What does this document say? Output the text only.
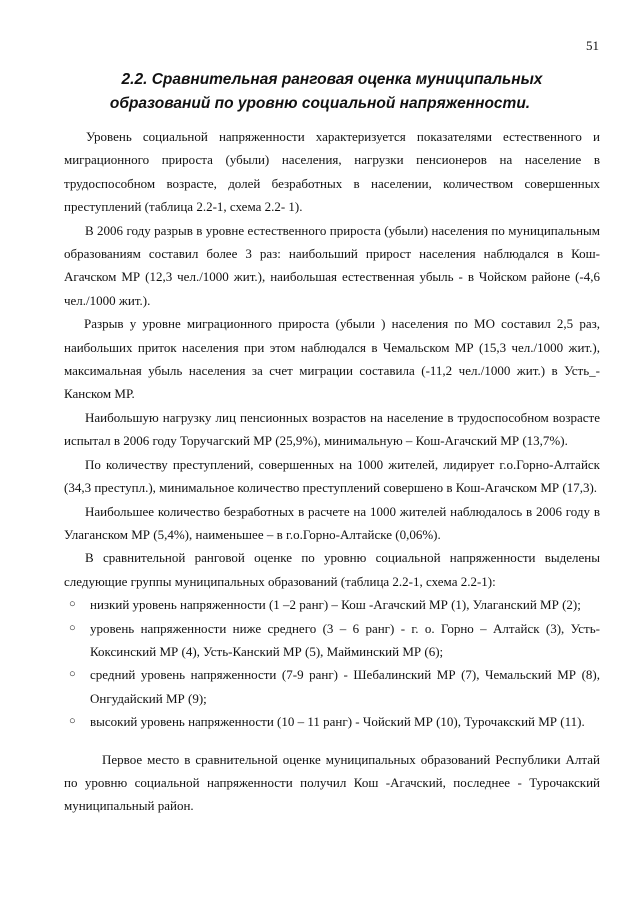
51
2.2. Сравнительная ранговая оценка муниципальных
образований по уровню социальной напряженности.

Уровень социальной напряженности характеризуется показателями естественного и миграционного прироста (убыли) населения, нагрузки пенсионеров на население в трудоспособном возрасте, долей безработных в населении, количеством совершенных преступлений (таблица 2.2-1, схема 2.2- 1).

В 2006 году разрыв в уровне естественного прироста (убыли) населения по муниципальным образованиям составил более 3 раз: наибольший прирост населения наблюдался в Кош-Агачском МР (12,3 чел./1000 жит.), наибольшая естественная убыль - в Чойском районе (-4,6 чел./1000 жит.).

Разрыв у уровне миграционного прироста (убыли ) населения по МО составил 2,5 раз, наибольших приток населения при этом наблюдался в Чемальском МР (15,3 чел./1000 жит.), максимальная убыль населения за счет миграции составила (-11,2 чел./1000 жит.) в Усть_-Канском МР.

Наибольшую нагрузку лиц пенсионных возрастов на население в трудоспособном возрасте испытал в 2006 году Торучагский МР (25,9%), минимальную – Кош-Агачский МР (13,7%).

По количеству преступлений, совершенных на 1000 жителей, лидирует г.о.Горно-Алтайск (34,3 преступл.), минимальное количество преступлений совершено в Кош-Агачском МР (17,3).

Наибольшее количество безработных в расчете на 1000 жителей наблюдалось в 2006 году в Улаганском МР (5,4%), наименьшее – в г.о.Горно-Алтайске (0,06%).

В сравнительной ранговой оценке по уровню социальной напряженности выделены следующие группы муниципальных образований (таблица 2.2-1, схема 2.2-1):

○ низкий уровень напряженности (1 –2 ранг) – Кош -Агачский МР (1), Улаганский МР (2);
○ уровень напряженности ниже среднего (3 – 6 ранг) - г. о. Горно – Алтайск (3), Усть-Коксинский МР (4), Усть-Канский МР (5), Майминский МР (6);
○ средний уровень напряженности (7-9 ранг) - Шебалинский МР (7), Чемальский МР (8), Онгудайский МР (9);
○ высокий уровень напряженности (10 – 11 ранг) - Чойский МР (10), Турочакский МР (11).

Первое место в сравнительной оценке муниципальных образований Республики Алтай по уровню социальной напряженности получил Кош -Агачский, последнее - Турочакский муниципальный район.
